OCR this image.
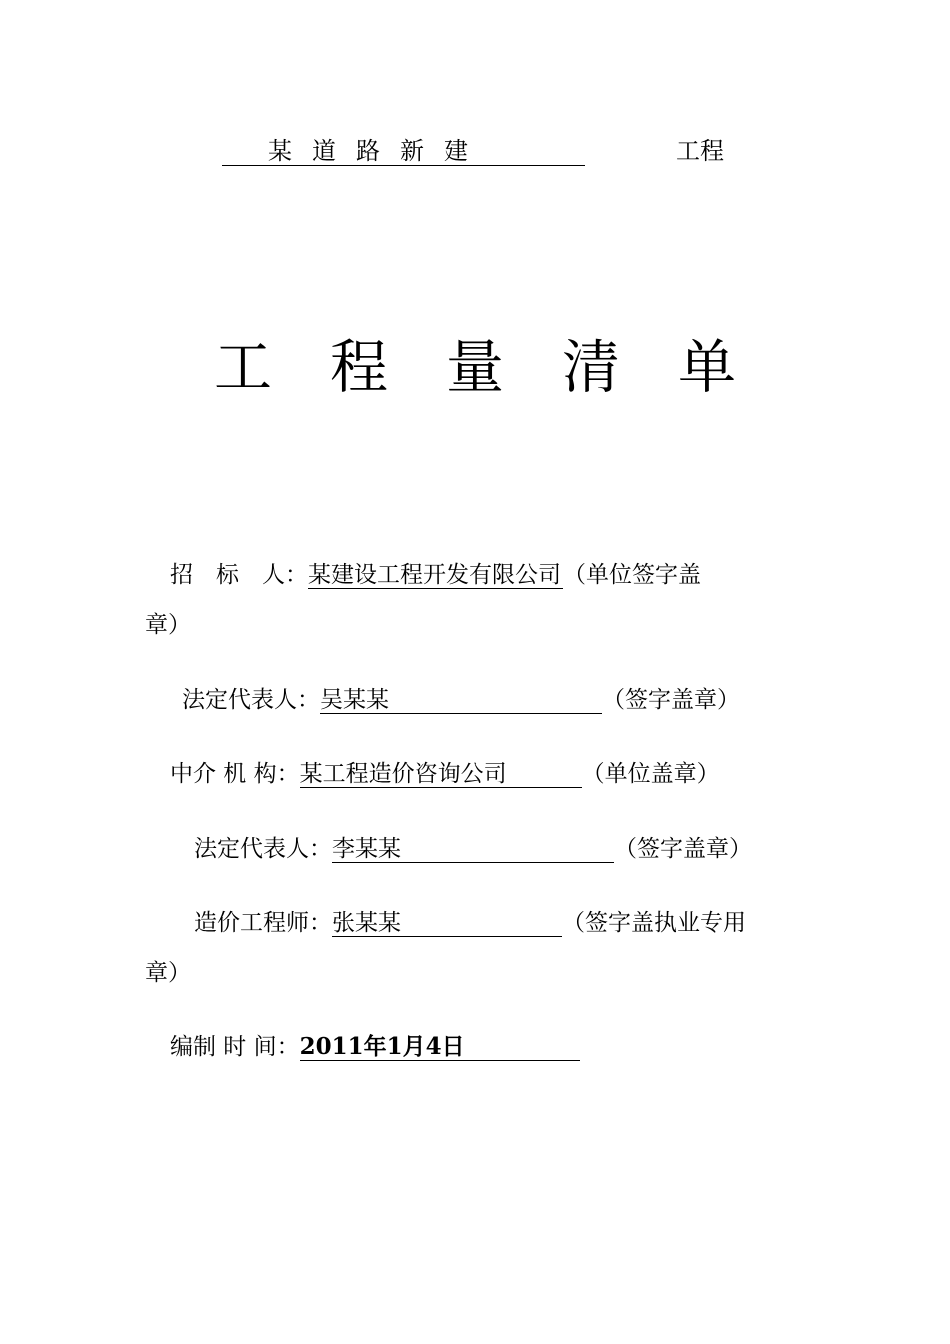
某道路新建	工程
工程量清单
招　标　人：某建设工程开发有限公司（单位签字盖
章）
法定代表人：吴某某	（签字盖章）
中介 机 构：某工程造价咨询公司	（单位盖章）
法定代表人：李某某	（签字盖章）
造价工程师：张某某	（签字盖执业专用
章）
编制 时 间：2011年1月4日
